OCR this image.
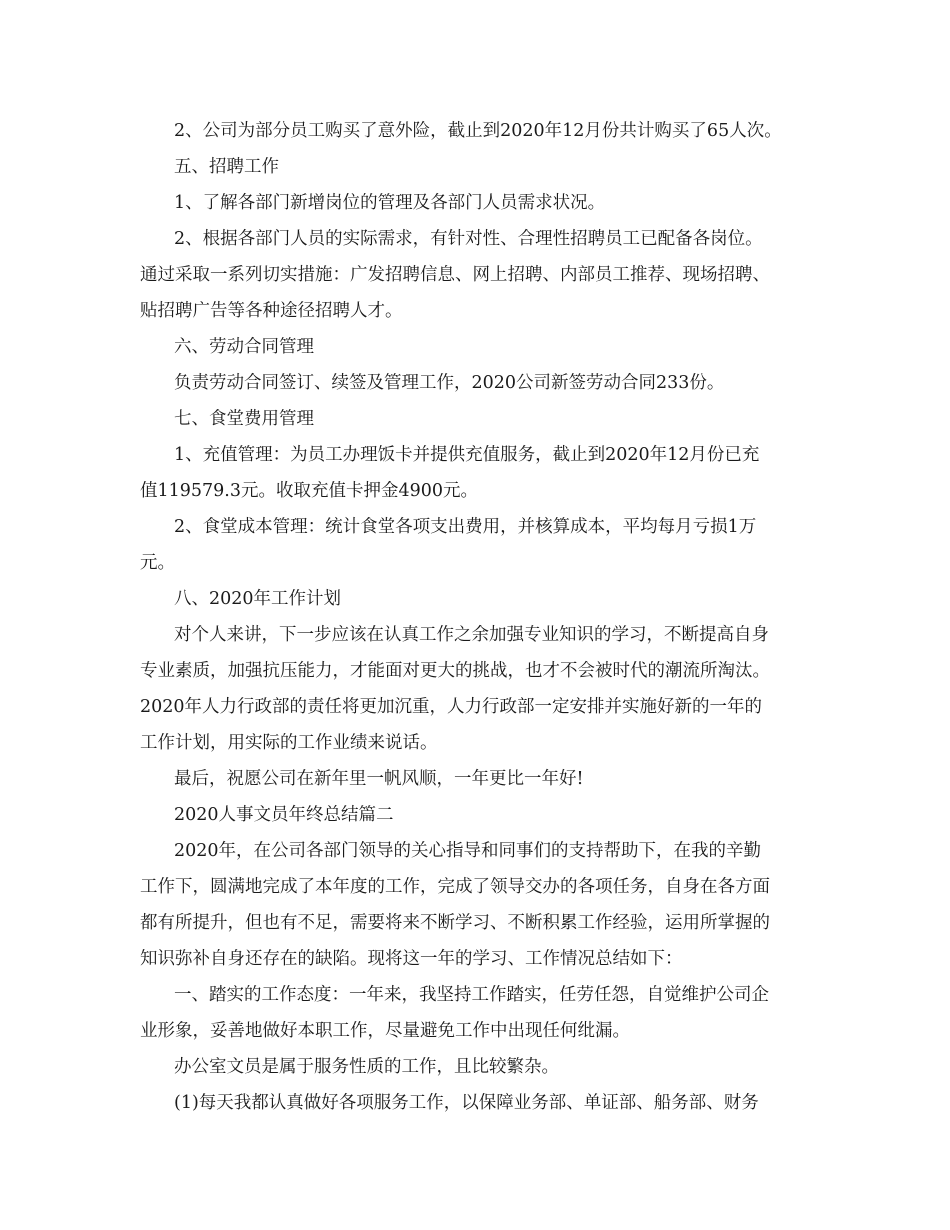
2、公司为部分员工购买了意外险，截止到2020年12月份共计购买了65人次。
五、招聘工作
1、了解各部门新增岗位的管理及各部门人员需求状况。
2、根据各部门人员的实际需求，有针对性、合理性招聘员工已配备各岗位。
通过采取一系列切实措施：广发招聘信息、网上招聘、内部员工推荐、现场招聘、
贴招聘广告等各种途径招聘人才。
六、劳动合同管理
负责劳动合同签订、续签及管理工作，2020公司新签劳动合同233份。
七、食堂费用管理
1、充值管理：为员工办理饭卡并提供充值服务，截止到2020年12月份已充
值119579.3元。收取充值卡押金4900元。
2、食堂成本管理：统计食堂各项支出费用，并核算成本，平均每月亏损1万
元。
八、2020年工作计划
对个人来讲，下一步应该在认真工作之余加强专业知识的学习，不断提高自身
专业素质，加强抗压能力，才能面对更大的挑战，也才不会被时代的潮流所淘汰。
2020年人力行政部的责任将更加沉重，人力行政部一定安排并实施好新的一年的
工作计划，用实际的工作业绩来说话。
最后，祝愿公司在新年里一帆风顺，一年更比一年好!
2020人事文员年终总结篇二
2020年，在公司各部门领导的关心指导和同事们的支持帮助下，在我的辛勤
工作下，圆满地完成了本年度的工作，完成了领导交办的各项任务，自身在各方面
都有所提升，但也有不足，需要将来不断学习、不断积累工作经验，运用所掌握的
知识弥补自身还存在的缺陷。现将这一年的学习、工作情况总结如下：
一、踏实的工作态度：一年来，我坚持工作踏实，任劳任怨，自觉维护公司企
业形象，妥善地做好本职工作，尽量避免工作中出现任何纰漏。
办公室文员是属于服务性质的工作，且比较繁杂。
(1)每天我都认真做好各项服务工作，以保障业务部、单证部、船务部、财务
